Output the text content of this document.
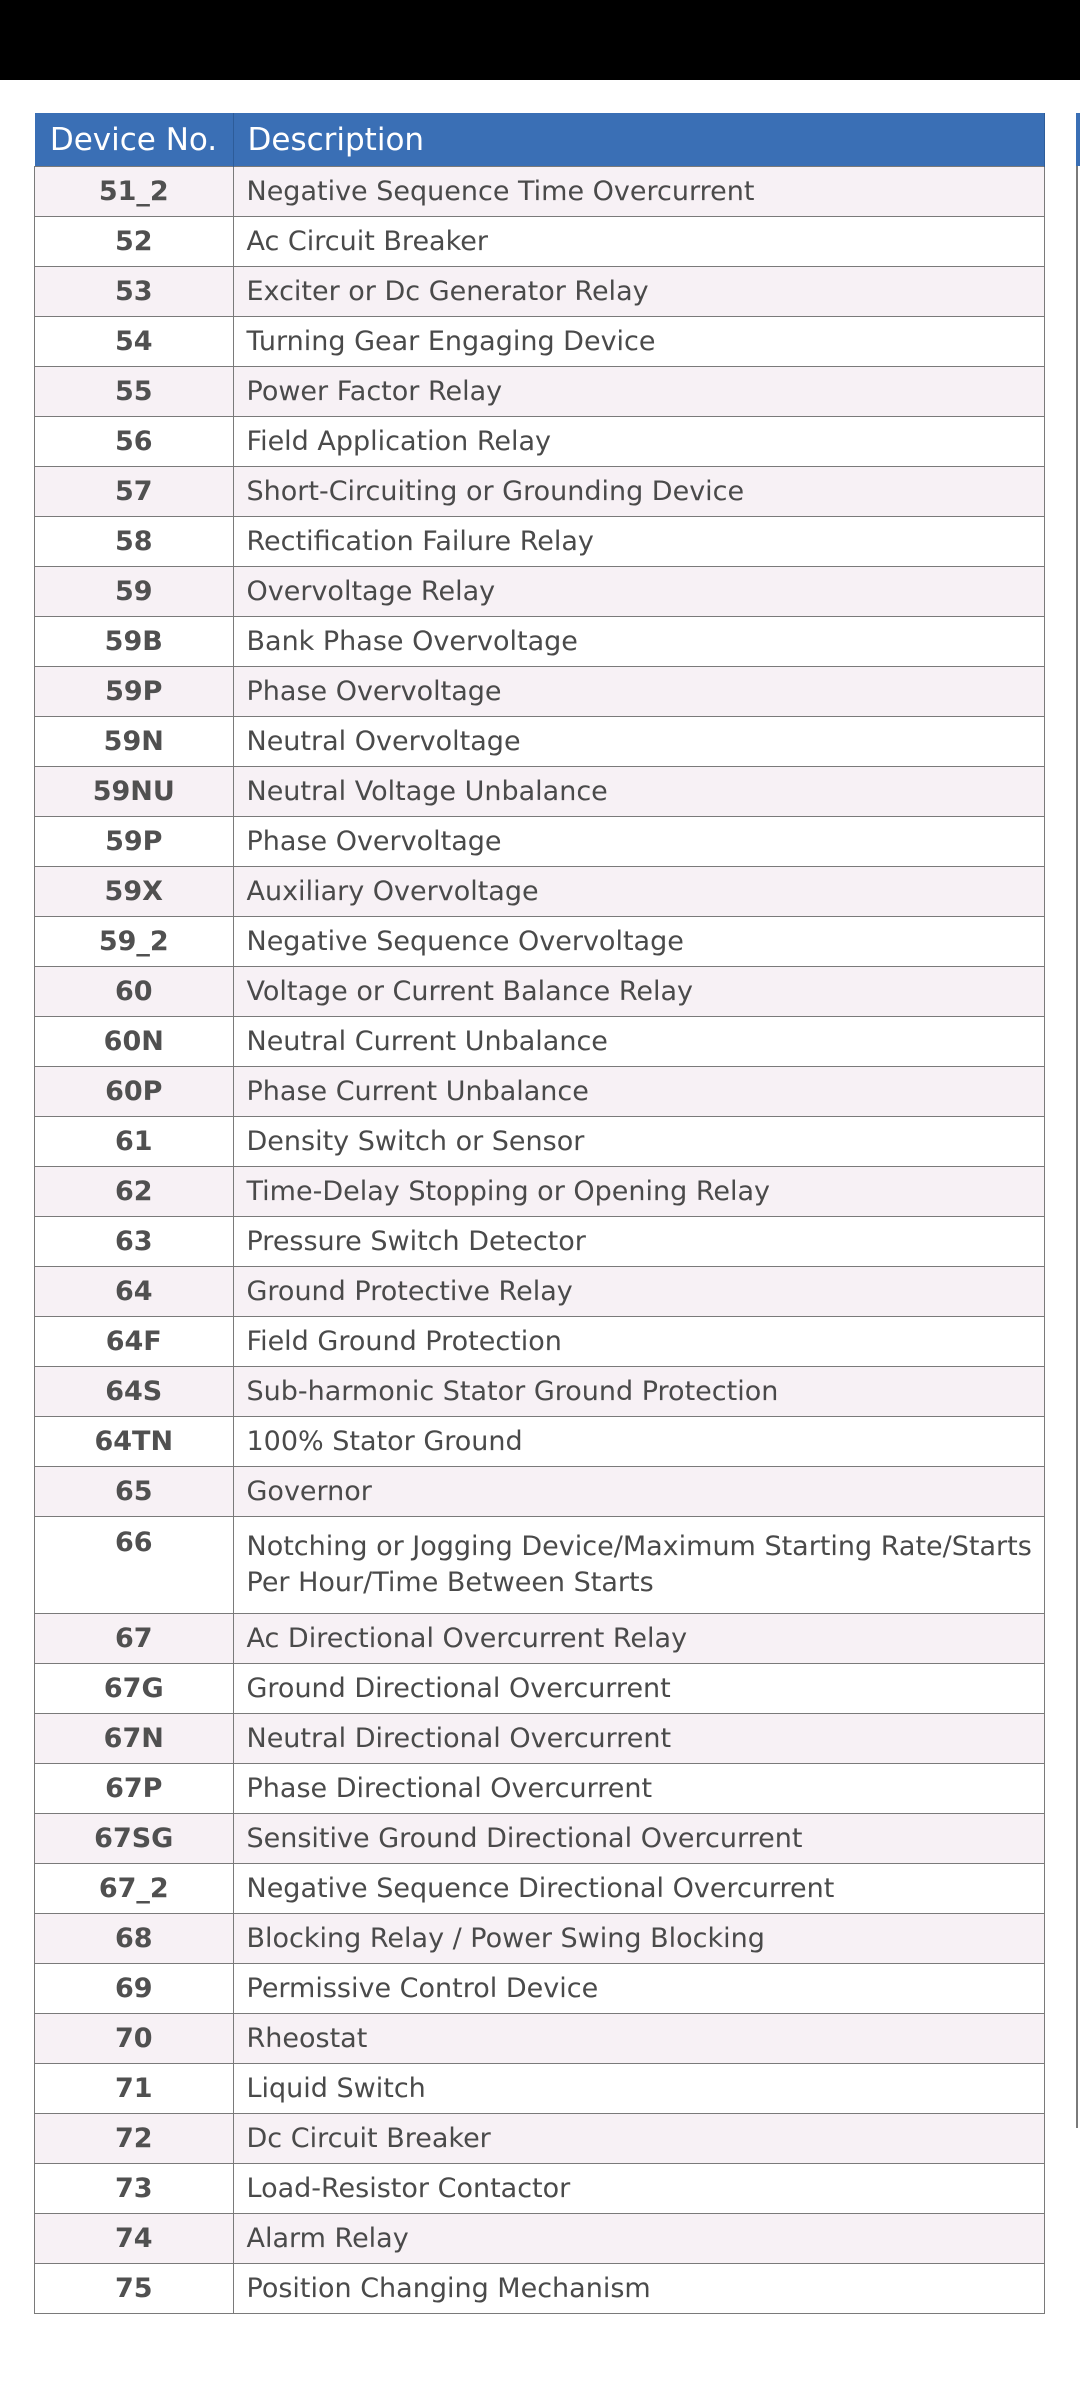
Device No.	Description
51_2	Negative Sequence Time Overcurrent
52	Ac Circuit Breaker
53	Exciter or Dc Generator Relay
54	Turning Gear Engaging Device
55	Power Factor Relay
56	Field Application Relay
57	Short-Circuiting or Grounding Device
58	Rectification Failure Relay
59	Overvoltage Relay
59B	Bank Phase Overvoltage
59P	Phase Overvoltage
59N	Neutral Overvoltage
59NU	Neutral Voltage Unbalance
59P	Phase Overvoltage
59X	Auxiliary Overvoltage
59_2	Negative Sequence Overvoltage
60	Voltage or Current Balance Relay
60N	Neutral Current Unbalance
60P	Phase Current Unbalance
61	Density Switch or Sensor
62	Time-Delay Stopping or Opening Relay
63	Pressure Switch Detector
64	Ground Protective Relay
64F	Field Ground Protection
64S	Sub-harmonic Stator Ground Protection
64TN	100% Stator Ground
65	Governor
66	Notching or Jogging Device/Maximum Starting Rate/Starts Per Hour/Time Between Starts
67	Ac Directional Overcurrent Relay
67G	Ground Directional Overcurrent
67N	Neutral Directional Overcurrent
67P	Phase Directional Overcurrent
67SG	Sensitive Ground Directional Overcurrent
67_2	Negative Sequence Directional Overcurrent
68	Blocking Relay / Power Swing Blocking
69	Permissive Control Device
70	Rheostat
71	Liquid Switch
72	Dc Circuit Breaker
73	Load-Resistor Contactor
74	Alarm Relay
75	Position Changing Mechanism
